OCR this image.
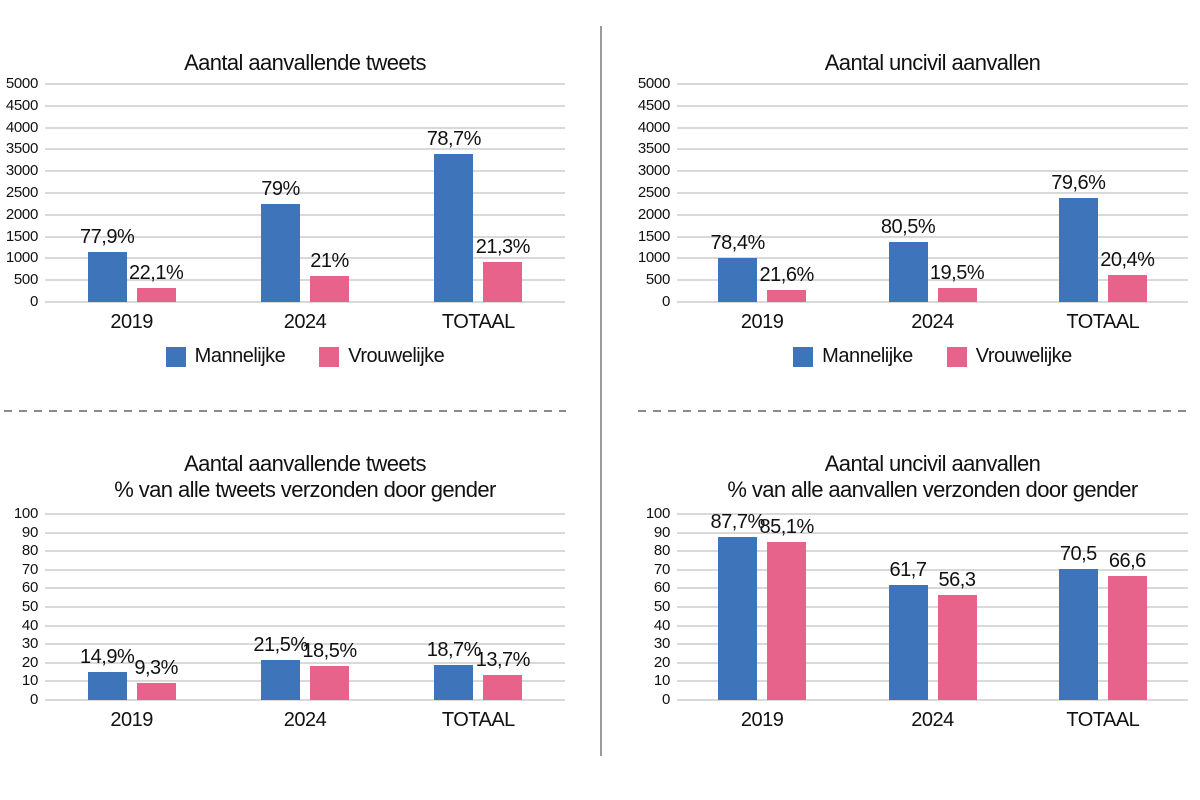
Aantal aanvallende tweets
5000
4500
4000
3500
3000
2500
2000
1500
1000
500
0
2019
77,9%
22,1%
2024
79%
21%
TOTAAL
78,7%
21,3%
Mannelijke	Vrouwelijke
Aantal uncivil aanvallen
5000
4500
4000
3500
3000
2500
2000
1500
1000
500
0
2019
78,4%
21,6%
2024
80,5%
19,5%
TOTAAL
79,6%
20,4%
Mannelijke	Vrouwelijke
Aantal aanvallende tweets
% van alle tweets verzonden door gender
100
90
80
70
60
50
40
30
20
10
0
2019
14,9% 9,3%
2024
21,5%
18,5%
TOTAAL
18,7%
13,7%
Aantal uncivil aanvallen
% van alle aanvallen verzonden door gender
100
90
80
70
60
50
40
30
20
10
0
2019
87,7%
85,1%
2024
61,7 56,3
TOTAAL
70,5 66,6
